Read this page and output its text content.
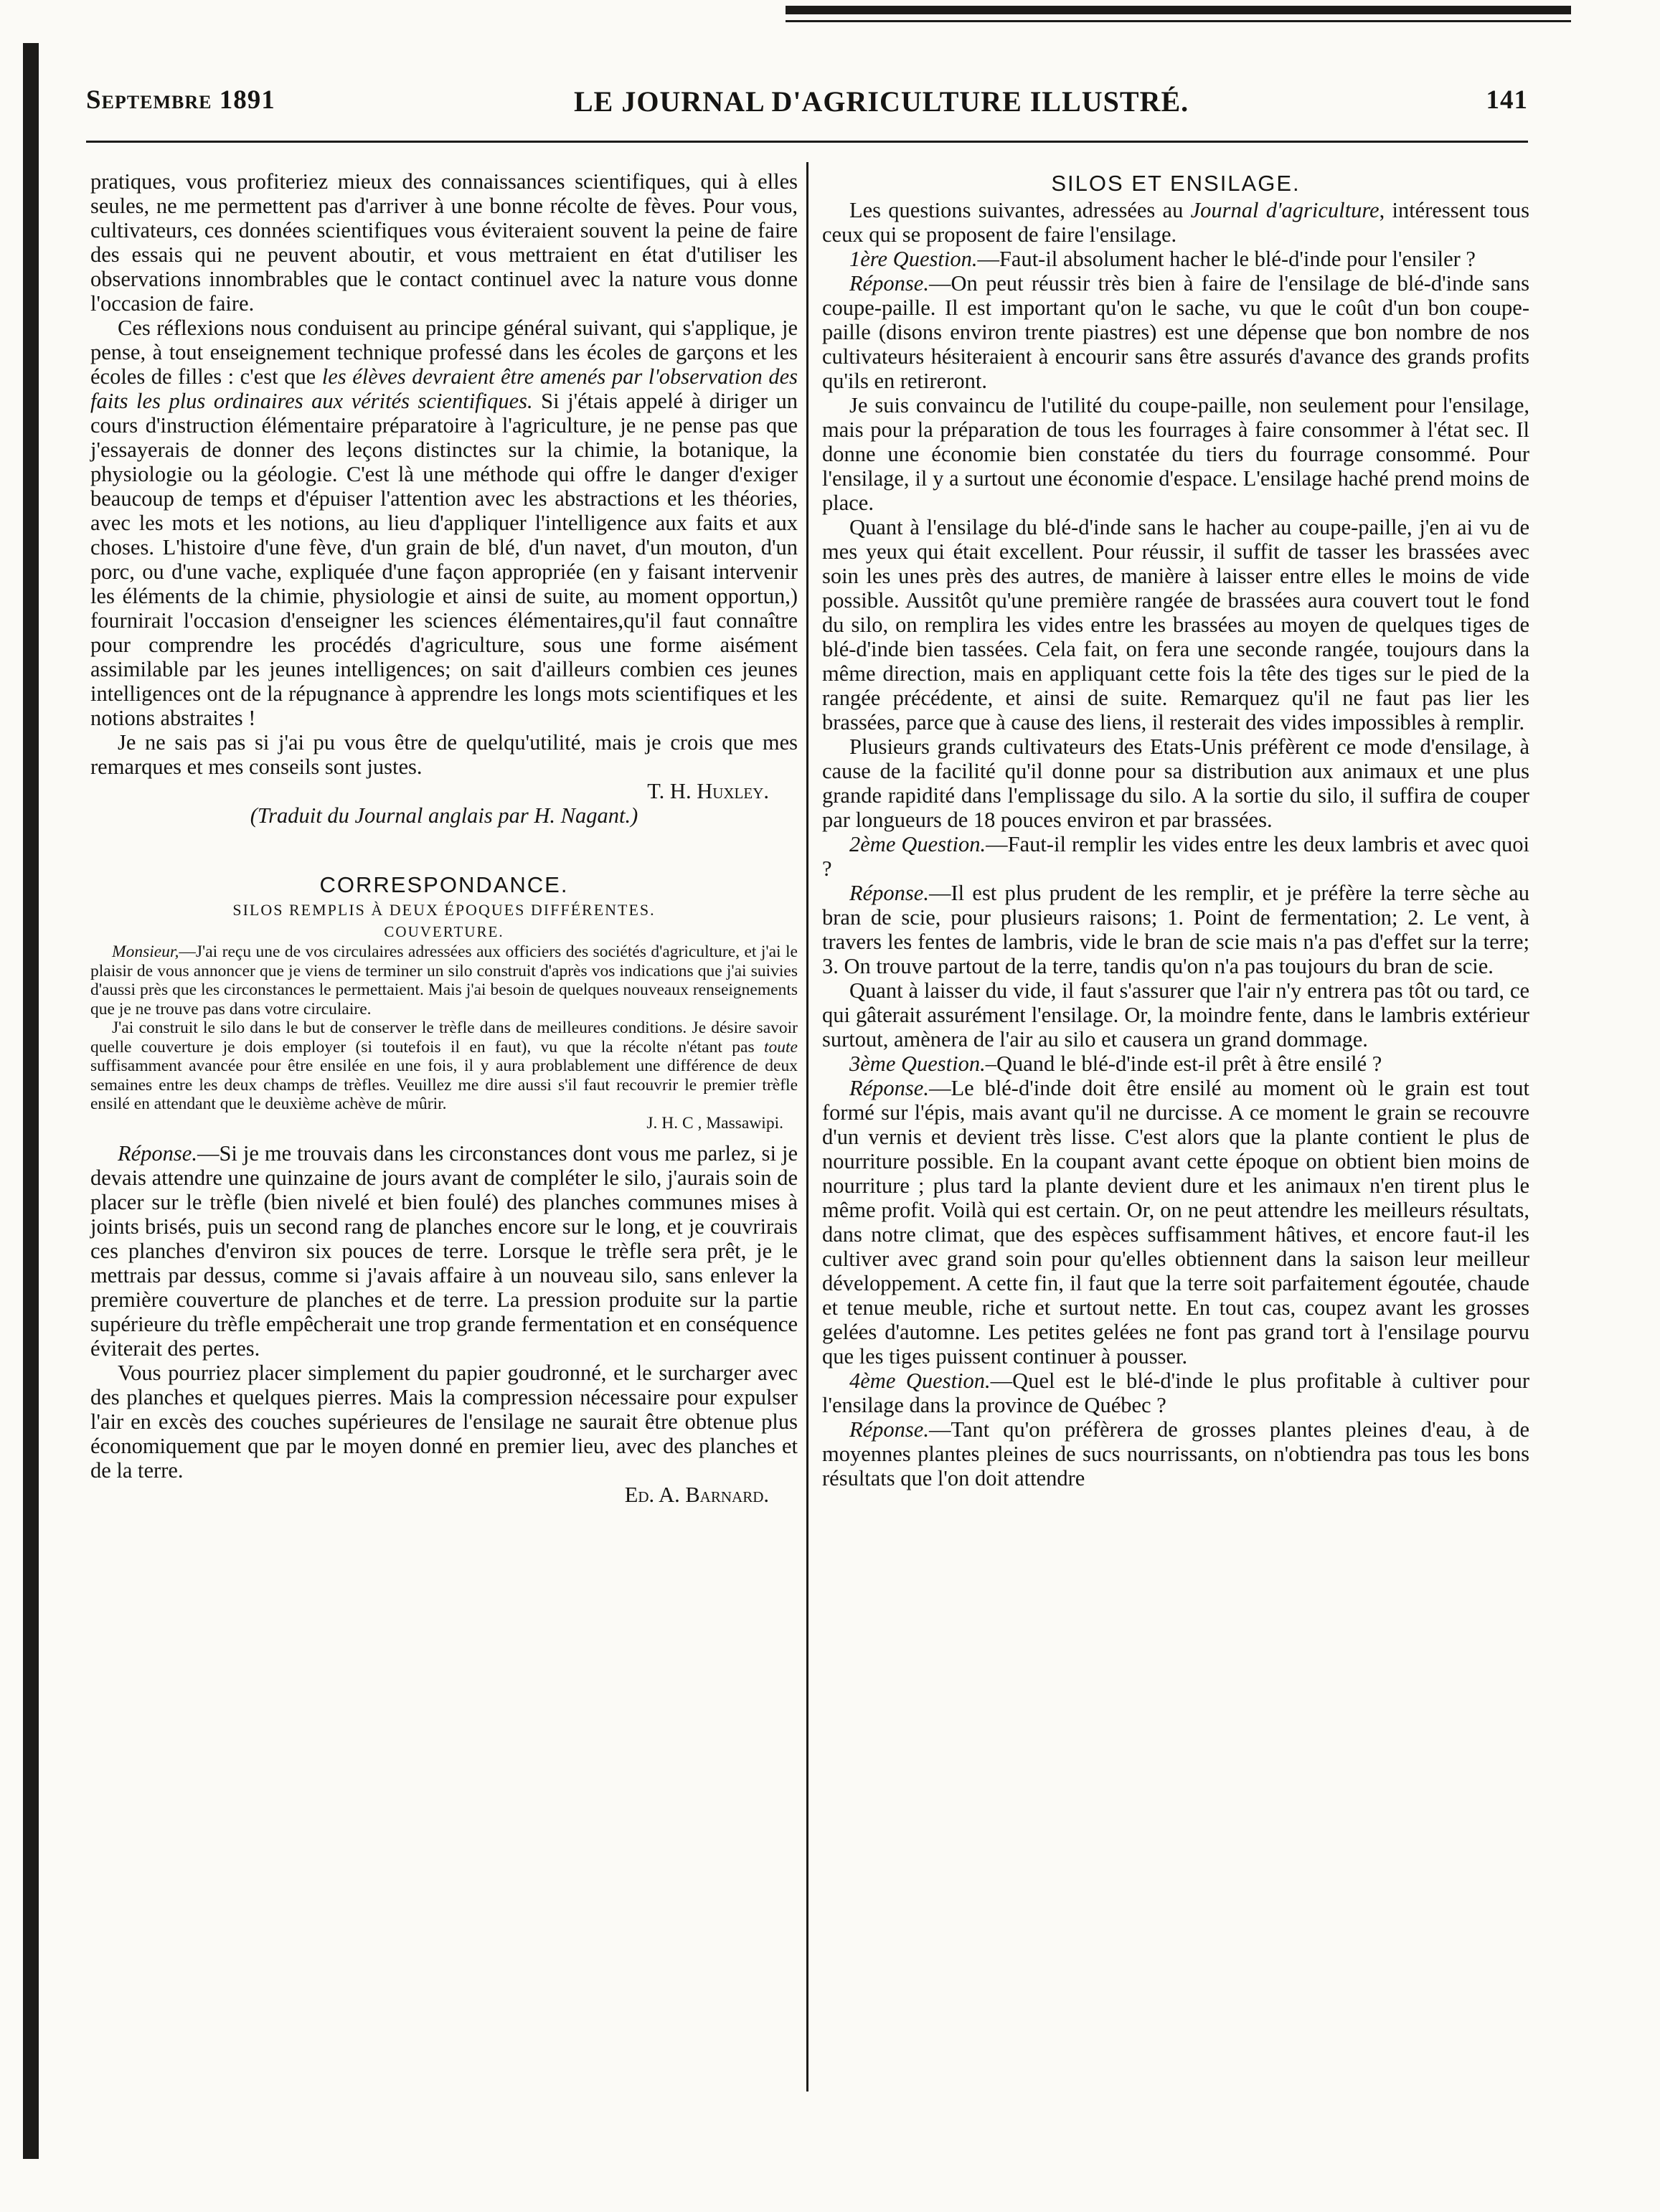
Septembre 1891	LE JOURNAL D'AGRICULTURE ILLUSTRÉ.	141

pratiques, vous profiteriez mieux des connaissances scientifiques, qui à elles seules, ne me permettent pas d'arriver à une bonne récolte de fèves. Pour vous, cultivateurs, ces données scientifiques vous éviteraient souvent la peine de faire des essais qui ne peuvent aboutir, et vous mettraient en état d'utiliser les observations innombrables que le contact continuel avec la nature vous donne l'occasion de faire.

Ces réflexions nous conduisent au principe général suivant, qui s'applique, je pense, à tout enseignement technique professé dans les écoles de garçons et les écoles de filles : c'est que les élèves devraient être amenés par l'observation des faits les plus ordinaires aux vérités scientifiques. Si j'étais appelé à diriger un cours d'instruction élémentaire préparatoire à l'agriculture, je ne pense pas que j'essayerais de donner des leçons distinctes sur la chimie, la botanique, la physiologie ou la géologie. C'est là une méthode qui offre le danger d'exiger beaucoup de temps et d'épuiser l'attention avec les abstractions et les théories, avec les mots et les notions, au lieu d'appliquer l'intelligence aux faits et aux choses. L'histoire d'une fève, d'un grain de blé, d'un navet, d'un mouton, d'un porc, ou d'une vache, expliquée d'une façon appropriée (en y faisant intervenir les éléments de la chimie, physiologie et ainsi de suite, au moment opportun,) fournirait l'occasion d'enseigner les sciences élémentaires,qu'il faut connaître pour comprendre les procédés d'agriculture, sous une forme aisément assimilable par les jeunes intelligences; on sait d'ailleurs combien ces jeunes intelligences ont de la répugnance à apprendre les longs mots scientifiques et les notions abstraites !

Je ne sais pas si j'ai pu vous être de quelqu'utilité, mais je crois que mes remarques et mes conseils sont justes.

T. H. Huxley.

(Traduit du Journal anglais par H. Nagant.)

CORRESPONDANCE.
SILOS REMPLIS À DEUX ÉPOQUES DIFFÉRENTES.
COUVERTURE.

Monsieur,—J'ai reçu une de vos circulaires adressées aux officiers des sociétés d'agriculture, et j'ai le plaisir de vous annoncer que je viens de terminer un silo construit d'après vos indications que j'ai suivies d'aussi près que les circonstances le permettaient. Mais j'ai besoin de quelques nouveaux renseignements que je ne trouve pas dans votre circulaire.

J'ai construit le silo dans le but de conserver le trèfle dans de meilleures conditions. Je désire savoir quelle couverture je dois employer (si toutefois il en faut), vu que la récolte n'étant pas toute suffisamment avancée pour être ensilée en une fois, il y aura problablement une différence de deux semaines entre les deux champs de trèfles. Veuillez me dire aussi s'il faut recouvrir le premier trèfle ensilé en attendant que le deuxième achève de mûrir.

J. H. C , Massawipi.

Réponse.—Si je me trouvais dans les circonstances dont vous me parlez, si je devais attendre une quinzaine de jours avant de compléter le silo, j'aurais soin de placer sur le trèfle (bien nivelé et bien foulé) des planches communes mises à joints brisés, puis un second rang de planches encore sur le long, et je couvrirais ces planches d'environ six pouces de terre. Lorsque le trèfle sera prêt, je le mettrais par dessus, comme si j'avais affaire à un nouveau silo, sans enlever la première couverture de planches et de terre. La pression produite sur la partie supérieure du trèfle empêcherait une trop grande fermentation et en conséquence éviterait des pertes.

Vous pourriez placer simplement du papier goudronné, et le surcharger avec des planches et quelques pierres. Mais la compression nécessaire pour expulser l'air en excès des couches supérieures de l'ensilage ne saurait être obtenue plus économiquement que par le moyen donné en premier lieu, avec des planches et de la terre.

Ed. A. Barnard.

SILOS ET ENSILAGE.

Les questions suivantes, adressées au Journal d'agriculture, intéressent tous ceux qui se proposent de faire l'ensilage.

1ère Question.—Faut-il absolument hacher le blé-d'inde pour l'ensiler ?

Réponse.—On peut réussir très bien à faire de l'ensilage de blé-d'inde sans coupe-paille. Il est important qu'on le sache, vu que le coût d'un bon coupe-paille (disons environ trente piastres) est une dépense que bon nombre de nos cultivateurs hésiteraient à encourir sans être assurés d'avance des grands profits qu'ils en retireront.

Je suis convaincu de l'utilité du coupe-paille, non seulement pour l'ensilage, mais pour la préparation de tous les fourrages à faire consommer à l'état sec. Il donne une économie bien constatée du tiers du fourrage consommé. Pour l'ensilage, il y a surtout une économie d'espace. L'ensilage haché prend moins de place.

Quant à l'ensilage du blé-d'inde sans le hacher au coupe-paille, j'en ai vu de mes yeux qui était excellent. Pour réussir, il suffit de tasser les brassées avec soin les unes près des autres, de manière à laisser entre elles le moins de vide possible. Aussitôt qu'une première rangée de brassées aura couvert tout le fond du silo, on remplira les vides entre les brassées au moyen de quelques tiges de blé-d'inde bien tassées. Cela fait, on fera une seconde rangée, toujours dans la même direction, mais en appliquant cette fois la tête des tiges sur le pied de la rangée précédente, et ainsi de suite. Remarquez qu'il ne faut pas lier les brassées, parce que à cause des liens, il resterait des vides impossibles à remplir.

Plusieurs grands cultivateurs des Etats-Unis préfèrent ce mode d'ensilage, à cause de la facilité qu'il donne pour sa distribution aux animaux et une plus grande rapidité dans l'emplissage du silo. A la sortie du silo, il suffira de couper par longueurs de 18 pouces environ et par brassées.

2ème Question.—Faut-il remplir les vides entre les deux lambris et avec quoi ?

Réponse.—Il est plus prudent de les remplir, et je préfère la terre sèche au bran de scie, pour plusieurs raisons; 1. Point de fermentation; 2. Le vent, à travers les fentes de lambris, vide le bran de scie mais n'a pas d'effet sur la terre; 3. On trouve partout de la terre, tandis qu'on n'a pas toujours du bran de scie.

Quant à laisser du vide, il faut s'assurer que l'air n'y entrera pas tôt ou tard, ce qui gâterait assurément l'ensilage. Or, la moindre fente, dans le lambris extérieur surtout, amènera de l'air au silo et causera un grand dommage.

3ème Question.–Quand le blé-d'inde est-il prêt à être ensilé ?

Réponse.—Le blé-d'inde doit être ensilé au moment où le grain est tout formé sur l'épis, mais avant qu'il ne durcisse. A ce moment le grain se recouvre d'un vernis et devient très lisse. C'est alors que la plante contient le plus de nourriture possible. En la coupant avant cette époque on obtient bien moins de nourriture ; plus tard la plante devient dure et les animaux n'en tirent plus le même profit. Voilà qui est certain. Or, on ne peut attendre les meilleurs résultats, dans notre climat, que des espèces suffisamment hâtives, et encore faut-il les cultiver avec grand soin pour qu'elles obtiennent dans la saison leur meilleur développement. A cette fin, il faut que la terre soit parfaitement égoutée, chaude et tenue meuble, riche et surtout nette. En tout cas, coupez avant les grosses gelées d'automne. Les petites gelées ne font pas grand tort à l'ensilage pourvu que les tiges puissent continuer à pousser.

4ème Question.—Quel est le blé-d'inde le plus profitable à cultiver pour l'ensilage dans la province de Québec ?

Réponse.—Tant qu'on préfèrera de grosses plantes pleines d'eau, à de moyennes plantes pleines de sucs nourrissants, on n'obtiendra pas tous les bons résultats que l'on doit attendre
